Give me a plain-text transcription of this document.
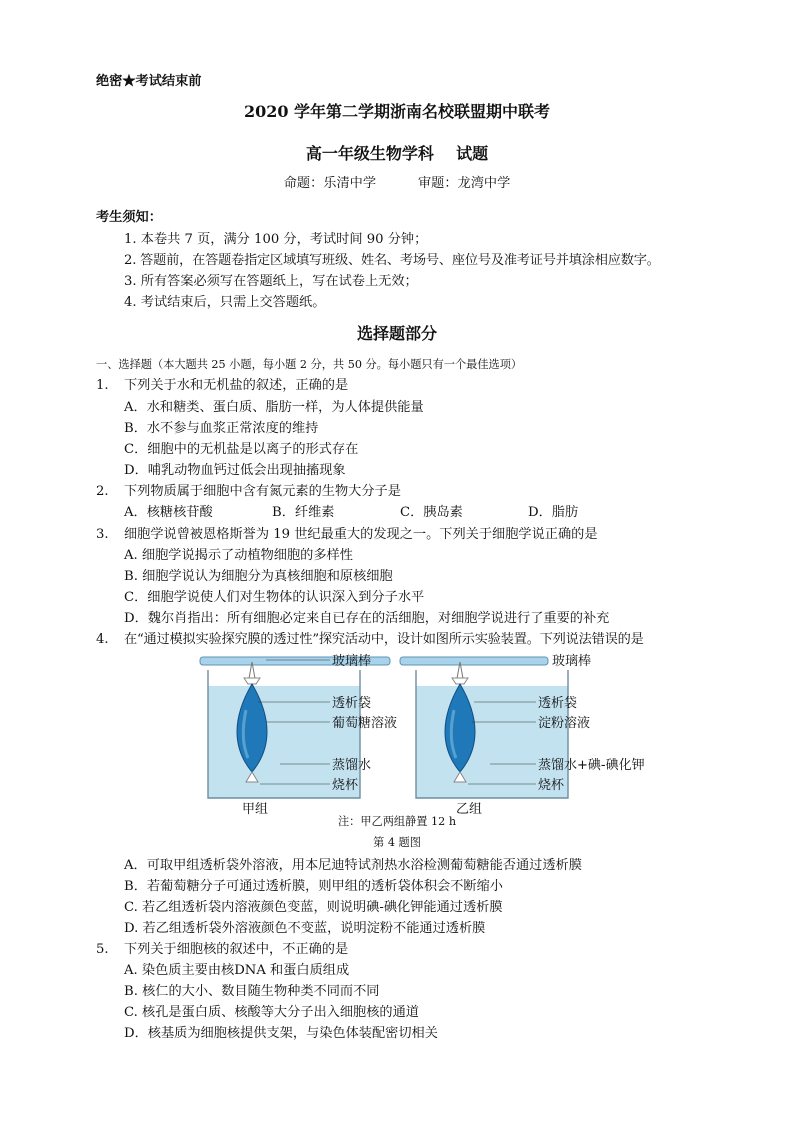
绝密★考试结束前
2020 学年第二学期浙南名校联盟期中联考
高一年级生物学科    试题
命题：乐清中学          审题：龙湾中学
考生须知：
1. 本卷共 7 页，满分 100 分，考试时间 90 分钟；
2. 答题前，在答题卷指定区域填写班级、姓名、考场号、座位号及准考证号并填涂相应数字。
3. 所有答案必须写在答题纸上，写在试卷上无效；
4. 考试结束后，只需上交答题纸。
选择题部分
一、选择题（本大题共 25 小题，每小题 2 分，共 50 分。每小题只有一个最佳选项）
1. 下列关于水和无机盐的叙述，正确的是
A．水和糖类、蛋白质、脂肪一样，为人体提供能量
B．水不参与血浆正常浓度的维持
C．细胞中的无机盐是以离子的形式存在
D．哺乳动物血钙过低会出现抽搐现象
2. 下列物质属于细胞中含有氮元素的生物大分子是
A．核糖核苷酸	B．纤维素	C．胰岛素	D．脂肪
3. 细胞学说曾被恩格斯誉为 19 世纪最重大的发现之一。下列关于细胞学说正确的是
A. 细胞学说揭示了动植物细胞的多样性
B. 细胞学说认为细胞分为真核细胞和原核细胞
C．细胞学说使人们对生物体的认识深入到分子水平
D．魏尔肖指出：所有细胞必定来自已存在的活细胞，对细胞学说进行了重要的补充
4. 在“通过模拟实验探究膜的透过性”探究活动中，设计如图所示实验装置。下列说法错误的是
玻璃棒
透析袋
葡萄糖溶液
蒸馏水
烧杯
甲组
玻璃棒
透析袋
淀粉溶液
蒸馏水+碘-碘化钾
烧杯
乙组
注：甲乙两组静置 12 h
第 4 题图
A．可取甲组透析袋外溶液，用本尼迪特试剂热水浴检测葡萄糖能否通过透析膜
B．若葡萄糖分子可通过透析膜，则甲组的透析袋体积会不断缩小
C. 若乙组透析袋内溶液颜色变蓝，则说明碘-碘化钾能通过透析膜
D. 若乙组透析袋外溶液颜色不变蓝，说明淀粉不能通过透析膜
5. 下列关于细胞核的叙述中，不正确的是
A. 染色质主要由核DNA 和蛋白质组成
B. 核仁的大小、数目随生物种类不同而不同
C. 核孔是蛋白质、核酸等大分子出入细胞核的通道
D．核基质为细胞核提供支架，与染色体装配密切相关
